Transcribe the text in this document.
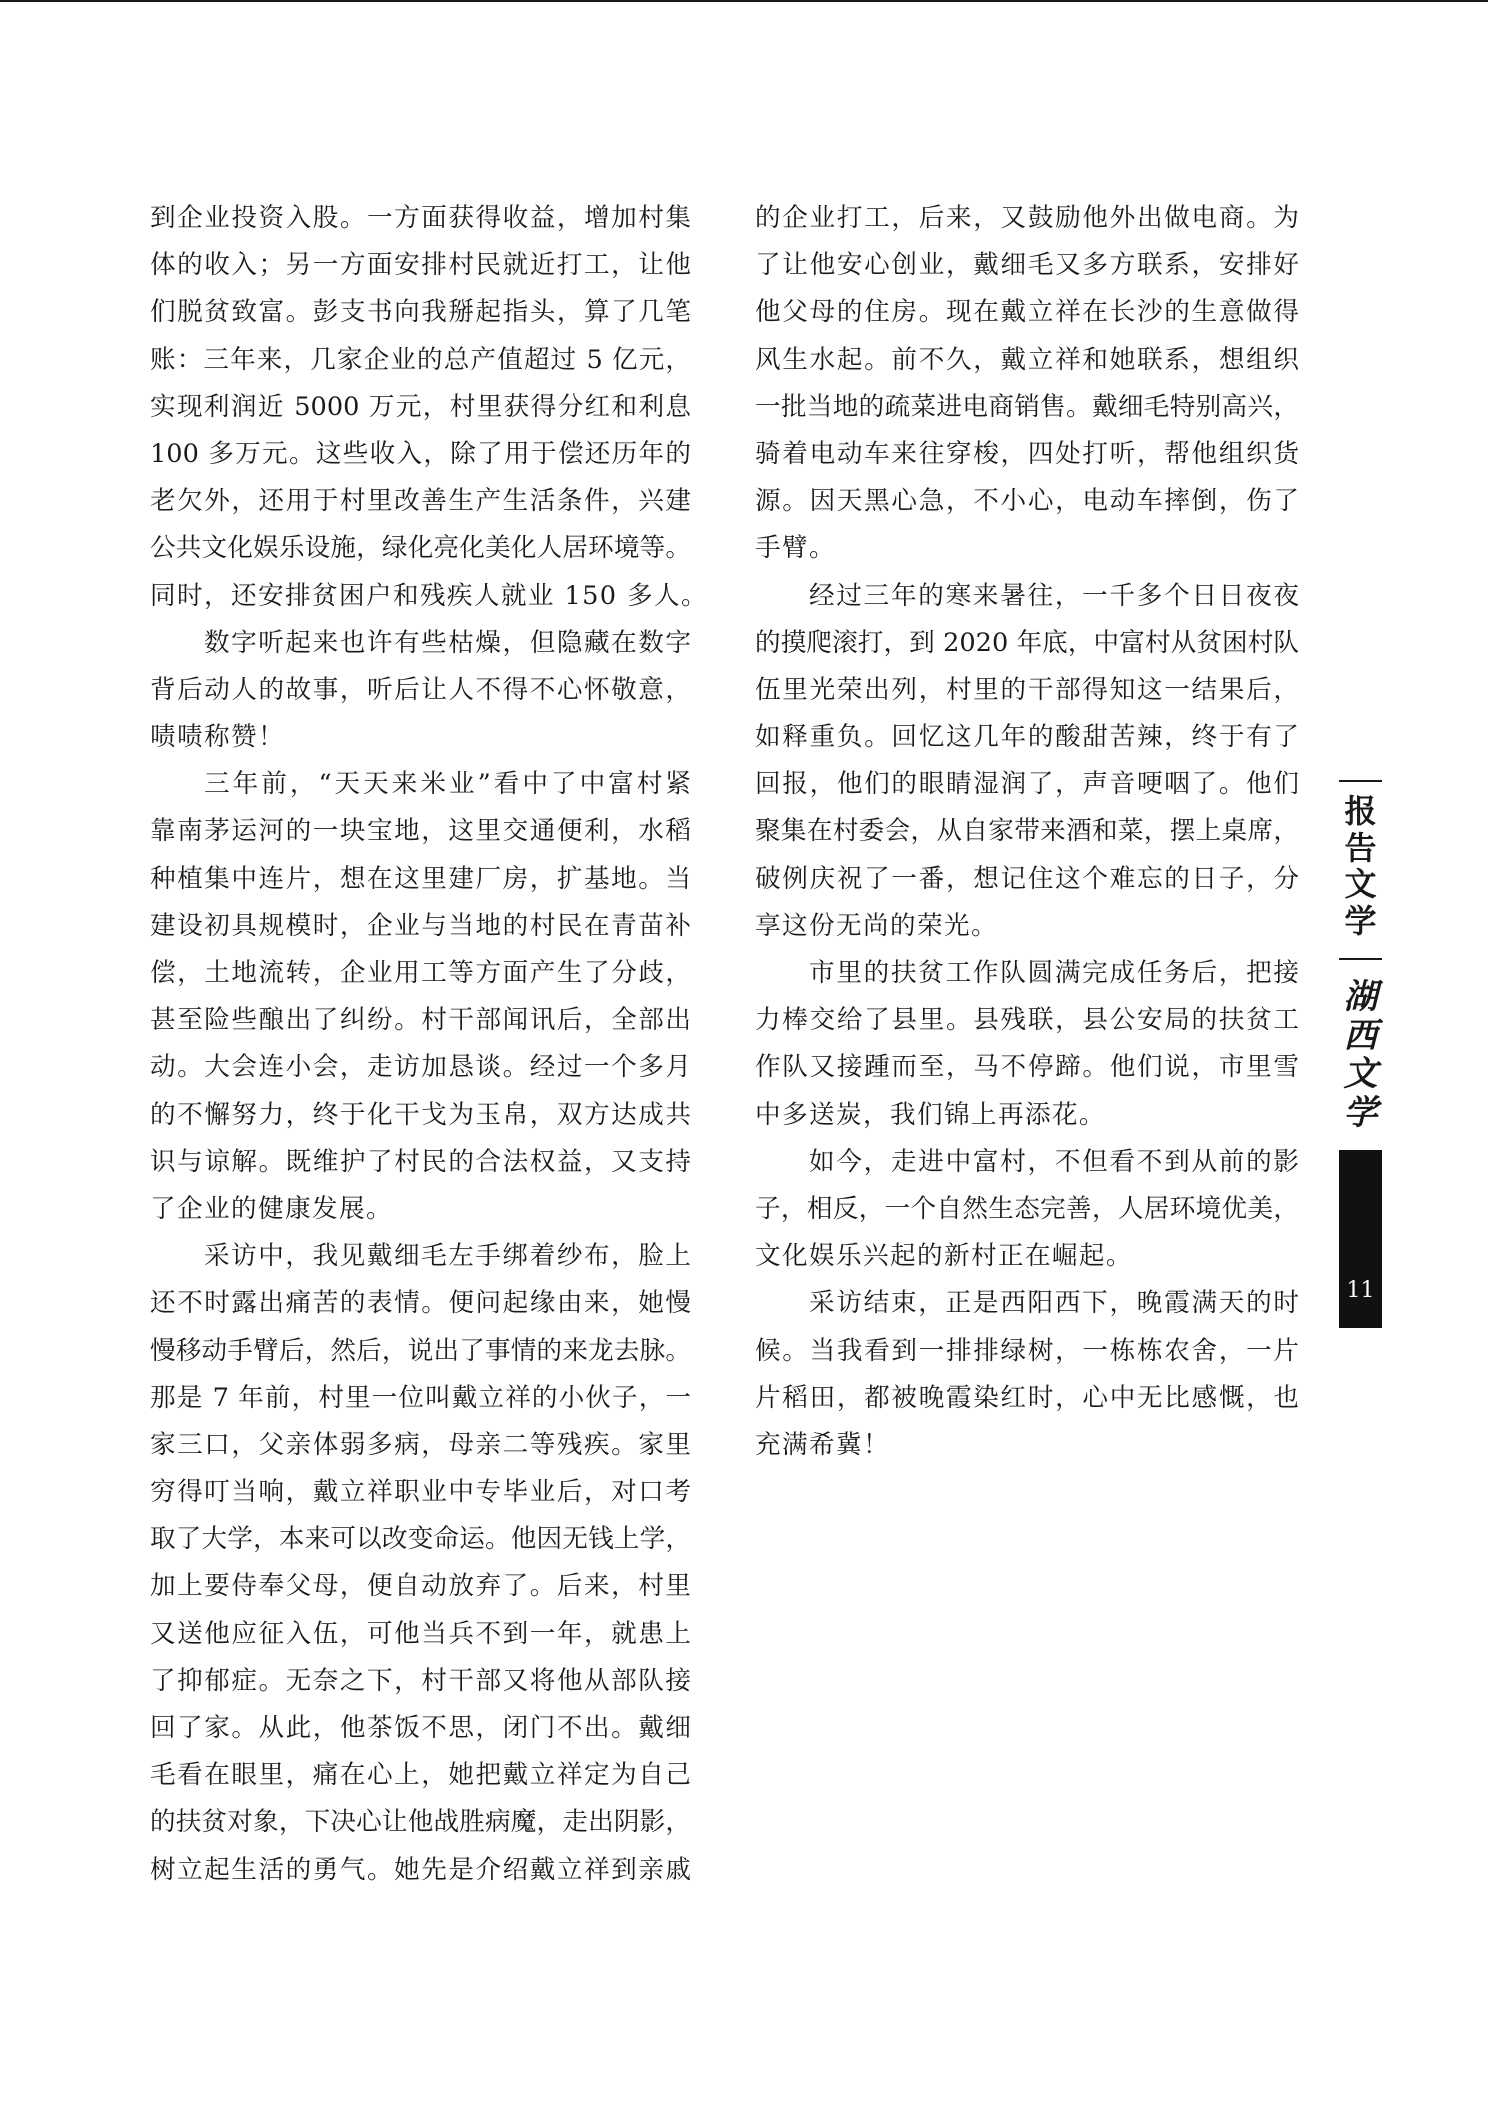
到企业投资入股。一方面获得收益，增加村集
体的收入；另一方面安排村民就近打工，让他
们脱贫致富。彭支书向我掰起指头，算了几笔
账：三年来，几家企业的总产值超过 5 亿元，
实现利润近 5000 万元，村里获得分红和利息
100 多万元。这些收入，除了用于偿还历年的
老欠外，还用于村里改善生产生活条件，兴建
公共文化娱乐设施，绿化亮化美化人居环境等。
同时，还安排贫困户和残疾人就业 150 多人。
数字听起来也许有些枯燥，但隐藏在数字
背后动人的故事，听后让人不得不心怀敬意，
啧啧称赞！
三年前，“天天来米业”看中了中富村紧
靠南茅运河的一块宝地，这里交通便利，水稻
种植集中连片，想在这里建厂房，扩基地。当
建设初具规模时，企业与当地的村民在青苗补
偿，土地流转，企业用工等方面产生了分歧，
甚至险些酿出了纠纷。村干部闻讯后，全部出
动。大会连小会，走访加恳谈。经过一个多月
的不懈努力，终于化干戈为玉帛，双方达成共
识与谅解。既维护了村民的合法权益，又支持
了企业的健康发展。
采访中，我见戴细毛左手绑着纱布，脸上
还不时露出痛苦的表情。便问起缘由来，她慢
慢移动手臂后，然后，说出了事情的来龙去脉。
那是 7 年前，村里一位叫戴立祥的小伙子，一
家三口，父亲体弱多病，母亲二等残疾。家里
穷得叮当响，戴立祥职业中专毕业后，对口考
取了大学，本来可以改变命运。他因无钱上学，
加上要侍奉父母，便自动放弃了。后来，村里
又送他应征入伍，可他当兵不到一年，就患上
了抑郁症。无奈之下，村干部又将他从部队接
回了家。从此，他茶饭不思，闭门不出。戴细
毛看在眼里，痛在心上，她把戴立祥定为自己
的扶贫对象，下决心让他战胜病魔，走出阴影，
树立起生活的勇气。她先是介绍戴立祥到亲戚
的企业打工，后来，又鼓励他外出做电商。为
了让他安心创业，戴细毛又多方联系，安排好
他父母的住房。现在戴立祥在长沙的生意做得
风生水起。前不久，戴立祥和她联系，想组织
一批当地的疏菜进电商销售。戴细毛特别高兴，
骑着电动车来往穿梭，四处打听，帮他组织货
源。因天黑心急，不小心，电动车摔倒，伤了
手臂。
经过三年的寒来暑往，一千多个日日夜夜
的摸爬滚打，到 2020 年底，中富村从贫困村队
伍里光荣出列，村里的干部得知这一结果后，
如释重负。回忆这几年的酸甜苦辣，终于有了
回报，他们的眼睛湿润了，声音哽咽了。他们
聚集在村委会，从自家带来酒和菜，摆上桌席，
破例庆祝了一番，想记住这个难忘的日子，分
享这份无尚的荣光。
市里的扶贫工作队圆满完成任务后，把接
力棒交给了县里。县残联，县公安局的扶贫工
作队又接踵而至，马不停蹄。他们说，市里雪
中多送炭，我们锦上再添花。
如今，走进中富村，不但看不到从前的影
子，相反，一个自然生态完善，人居环境优美，
文化娱乐兴起的新村正在崛起。
采访结束，正是西阳西下，晚霞满天的时
候。当我看到一排排绿树，一栋栋农舍，一片
片稻田，都被晚霞染红时，心中无比感慨，也
充满希冀！
报告文学
湖西文学
11
